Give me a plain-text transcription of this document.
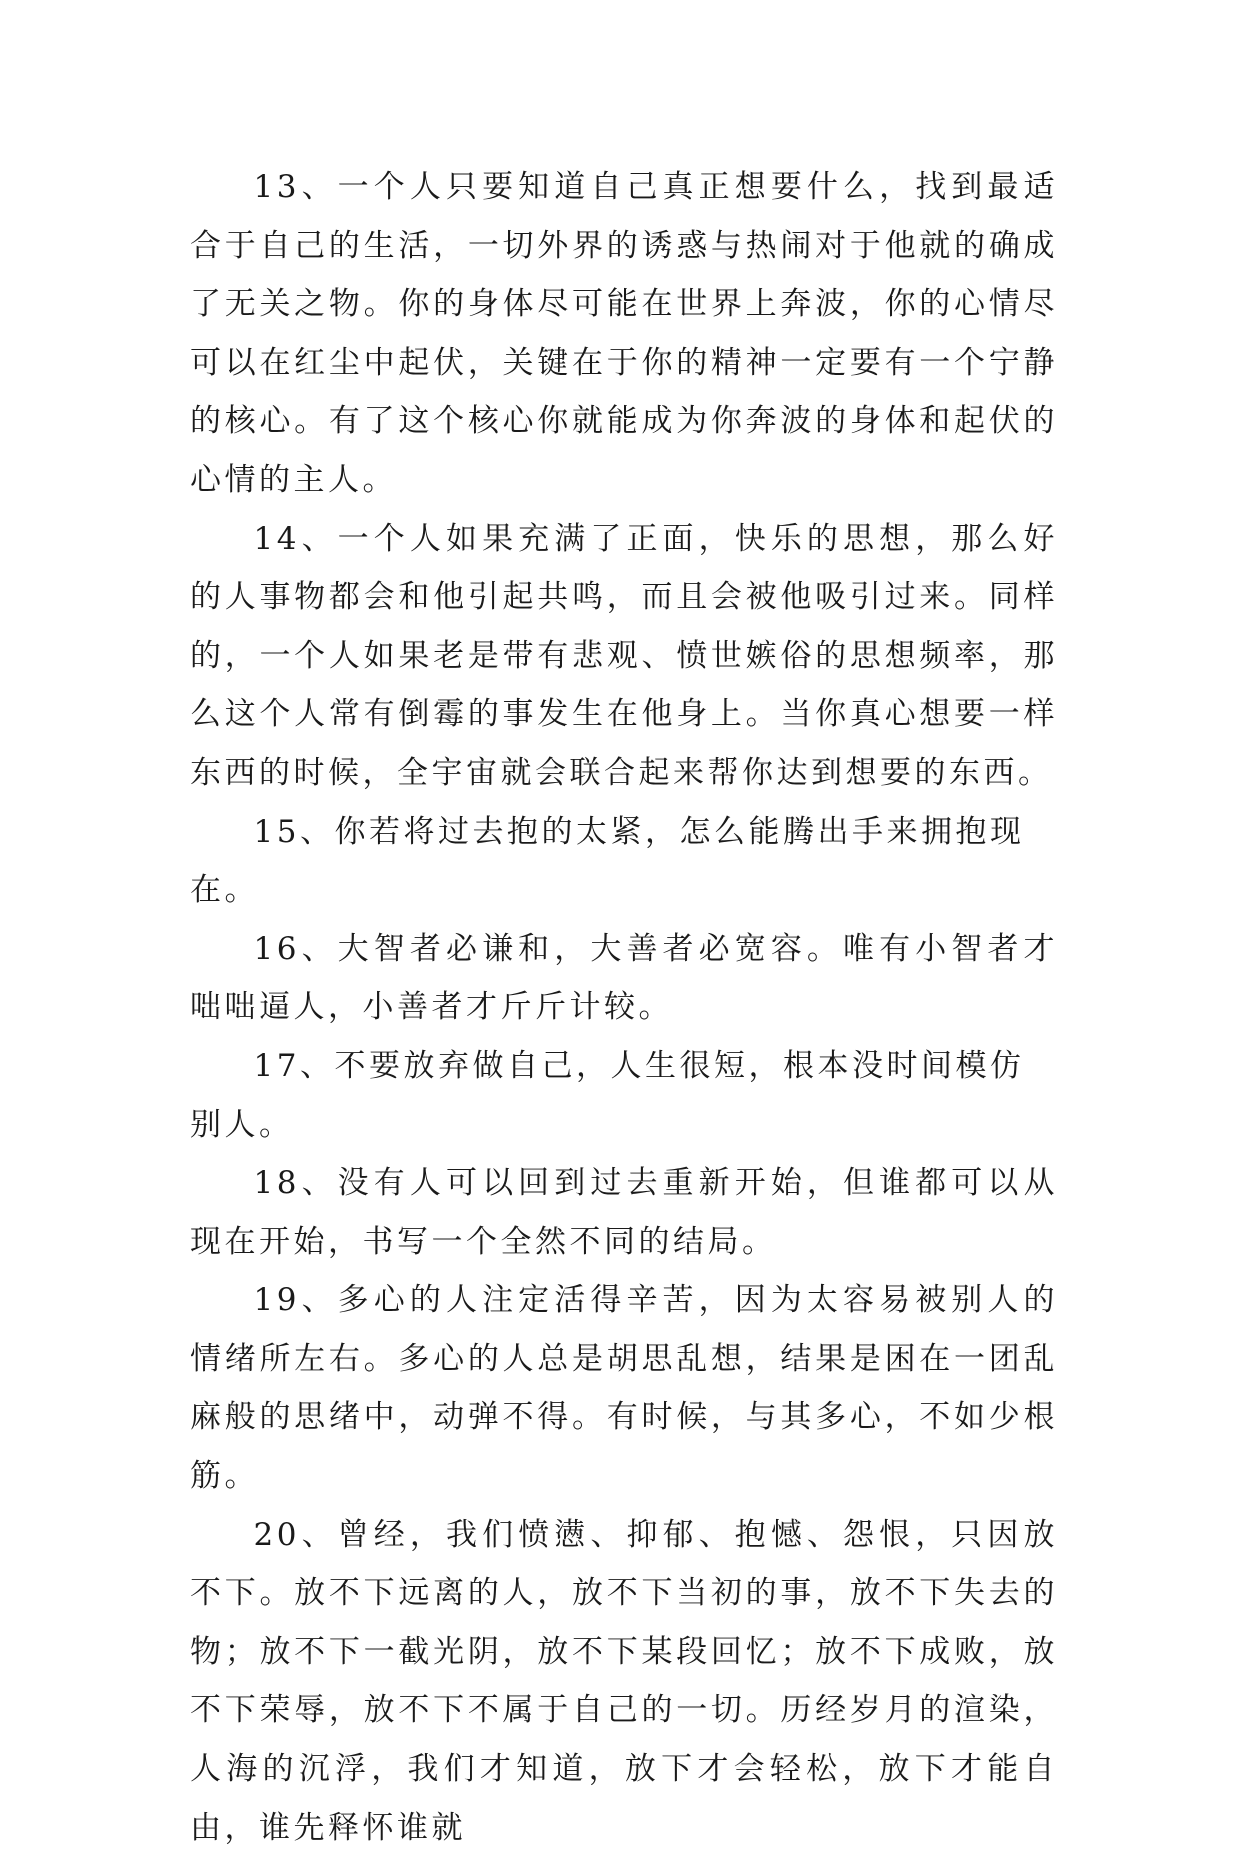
13、一个人只要知道自己真正想要什么，找到最适合于自己的生活，一切外界的诱惑与热闹对于他就的确成了无关之物。你的身体尽可能在世界上奔波，你的心情尽可以在红尘中起伏，关键在于你的精神一定要有一个宁静的核心。有了这个核心你就能成为你奔波的身体和起伏的心情的主人。

14、一个人如果充满了正面，快乐的思想，那么好的人事物都会和他引起共鸣，而且会被他吸引过来。同样的，一个人如果老是带有悲观、愤世嫉俗的思想频率，那么这个人常有倒霉的事发生在他身上。当你真心想要一样东西的时候，全宇宙就会联合起来帮你达到想要的东西。

15、你若将过去抱的太紧，怎么能腾出手来拥抱现在。

16、大智者必谦和，大善者必宽容。唯有小智者才咄咄逼人，小善者才斤斤计较。

17、不要放弃做自己，人生很短，根本没时间模仿别人。

18、没有人可以回到过去重新开始，但谁都可以从现在开始，书写一个全然不同的结局。

19、多心的人注定活得辛苦，因为太容易被别人的情绪所左右。多心的人总是胡思乱想，结果是困在一团乱麻般的思绪中，动弹不得。有时候，与其多心，不如少根筋。

20、曾经，我们愤懑、抑郁、抱憾、怨恨，只因放不下。放不下远离的人，放不下当初的事，放不下失去的物；放不下一截光阴，放不下某段回忆；放不下成败，放不下荣辱，放不下不属于自己的一切。历经岁月的渲染，人海的沉浮，我们才知道，放下才会轻松，放下才能自由，谁先释怀谁就
